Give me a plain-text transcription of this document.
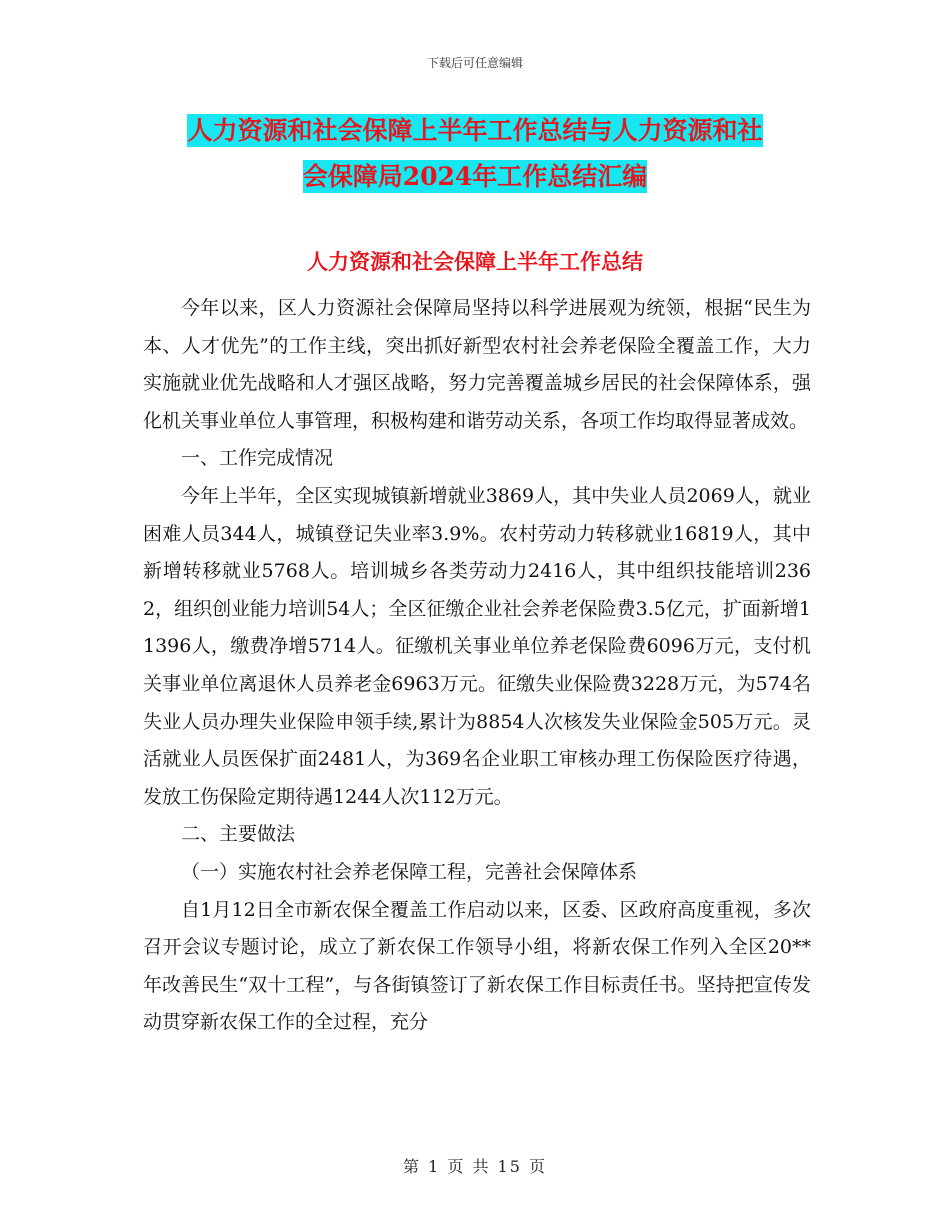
下载后可任意编辑
人力资源和社会保障上半年工作总结与人力资源和社
会保障局2024年工作总结汇编
人力资源和社会保障上半年工作总结

今年以来，区人力资源社会保障局坚持以科学进展观为统领，根据“民生为本、人才优先”的工作主线，突出抓好新型农村社会养老保险全覆盖工作，大力实施就业优先战略和人才强区战略，努力完善覆盖城乡居民的社会保障体系，强化机关事业单位人事管理，积极构建和谐劳动关系，各项工作均取得显著成效。

一、工作完成情况

今年上半年，全区实现城镇新增就业3869人，其中失业人员2069人，就业困难人员344人，城镇登记失业率3.9%。农村劳动力转移就业16819人，其中新增转移就业5768人。培训城乡各类劳动力2416人，其中组织技能培训2362，组织创业能力培训54人；全区征缴企业社会养老保险费3.5亿元，扩面新增11396人，缴费净增5714人。征缴机关事业单位养老保险费6096万元，支付机关事业单位离退休人员养老金6963万元。征缴失业保险费3228万元，为574名失业人员办理失业保险申领手续,累计为8854人次核发失业保险金505万元。灵活就业人员医保扩面2481人，为369名企业职工审核办理工伤保险医疗待遇，发放工伤保险定期待遇1244人次112万元。

二、主要做法

（一）实施农村社会养老保障工程，完善社会保障体系

自1月12日全市新农保全覆盖工作启动以来，区委、区政府高度重视，多次召开会议专题讨论，成立了新农保工作领导小组，将新农保工作列入全区20**年改善民生“双十工程”，与各街镇签订了新农保工作目标责任书。坚持把宣传发动贯穿新农保工作的全过程，充分

第 1 页 共 15 页
